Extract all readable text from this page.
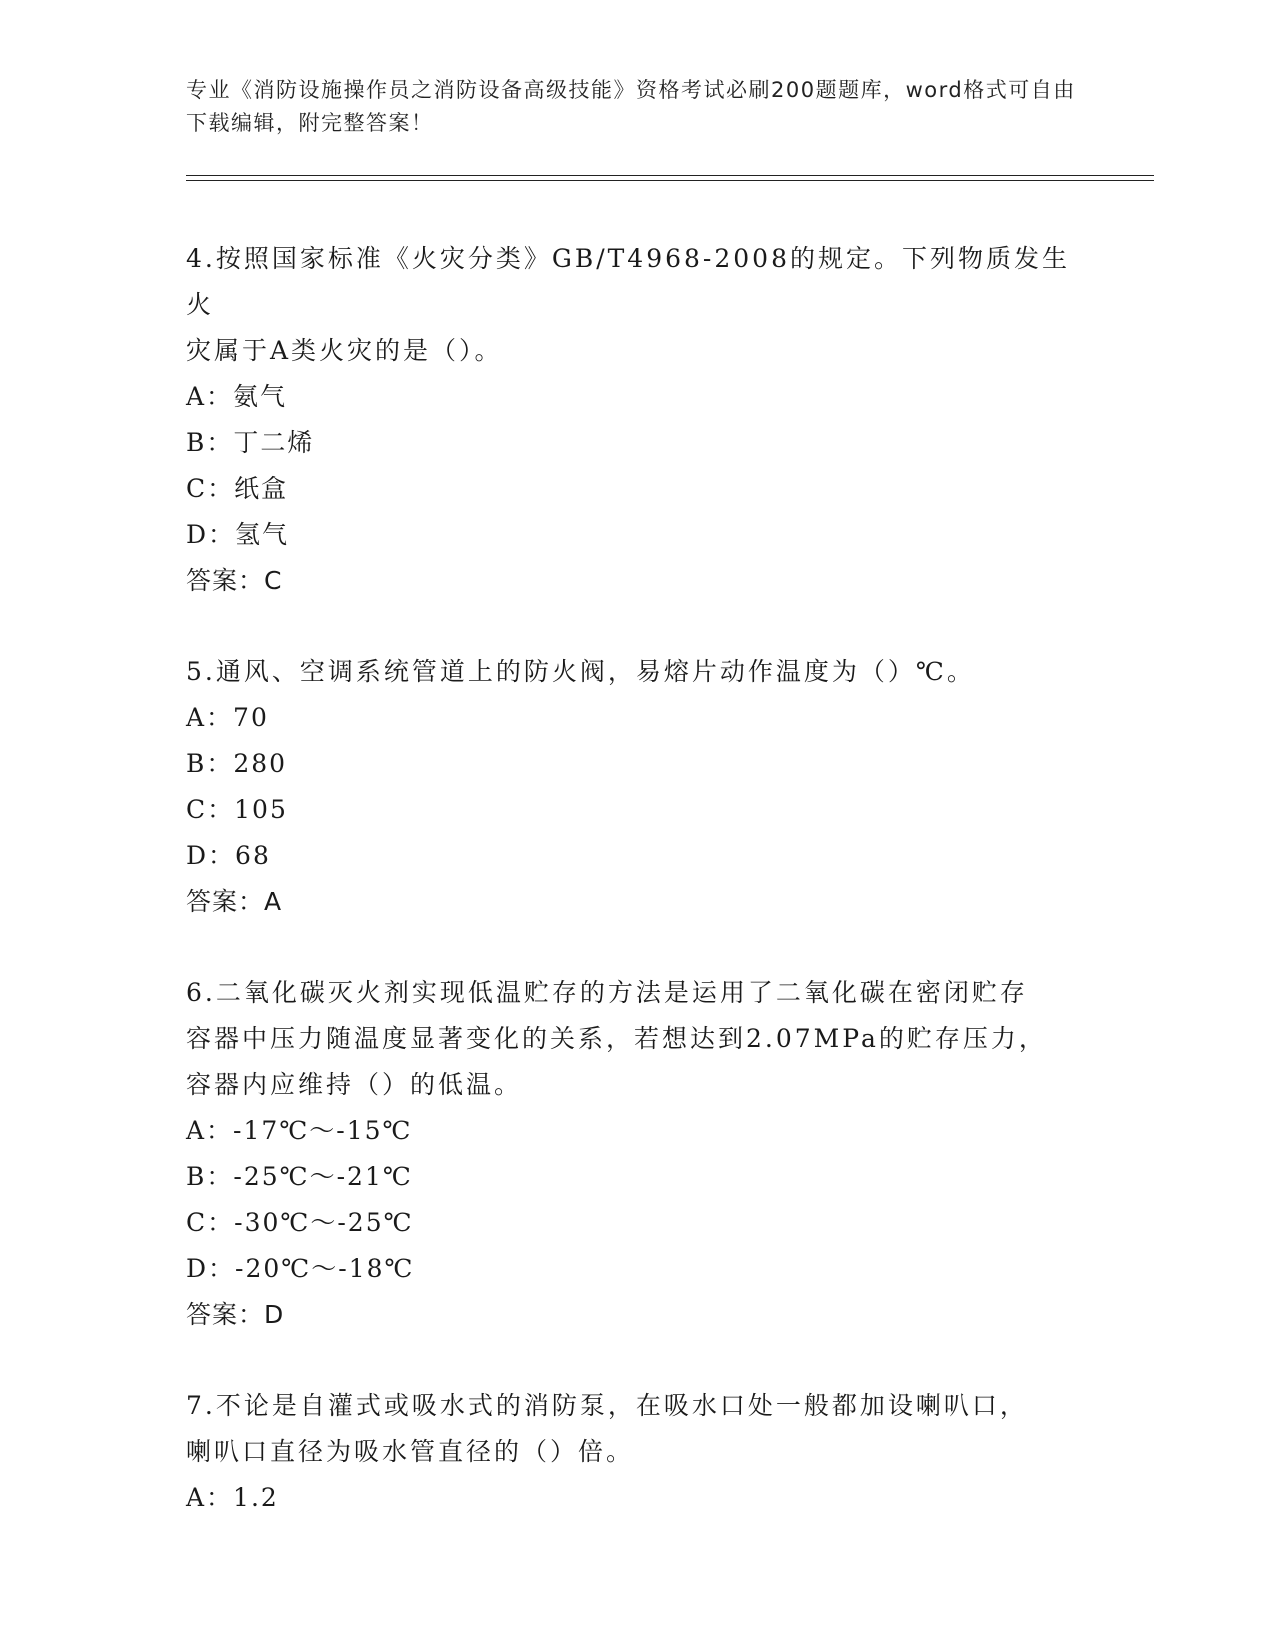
专业《消防设施操作员之消防设备高级技能》资格考试必刷200题题库，word格式可自由下载编辑，附完整答案！

4.按照国家标准《火灾分类》GB/T4968-2008的规定。下列物质发生火

灾属于A类火灾的是（）。

A：氨气

B：丁二烯

C：纸盒

D：氢气

答案：C

5.通风、空调系统管道上的防火阀，易熔片动作温度为（）℃。

A：70

B：280

C：105

D：68

答案：A

6.二氧化碳灭火剂实现低温贮存的方法是运用了二氧化碳在密闭贮存

容器中压力随温度显著变化的关系，若想达到2.07MPa的贮存压力，

容器内应维持（）的低温。

A：-17℃～-15℃

B：-25℃～-21℃

C：-30℃～-25℃

D：-20℃～-18℃

答案：D

7.不论是自灌式或吸水式的消防泵，在吸水口处一般都加设喇叭口，

喇叭口直径为吸水管直径的（）倍。

A：1.2
